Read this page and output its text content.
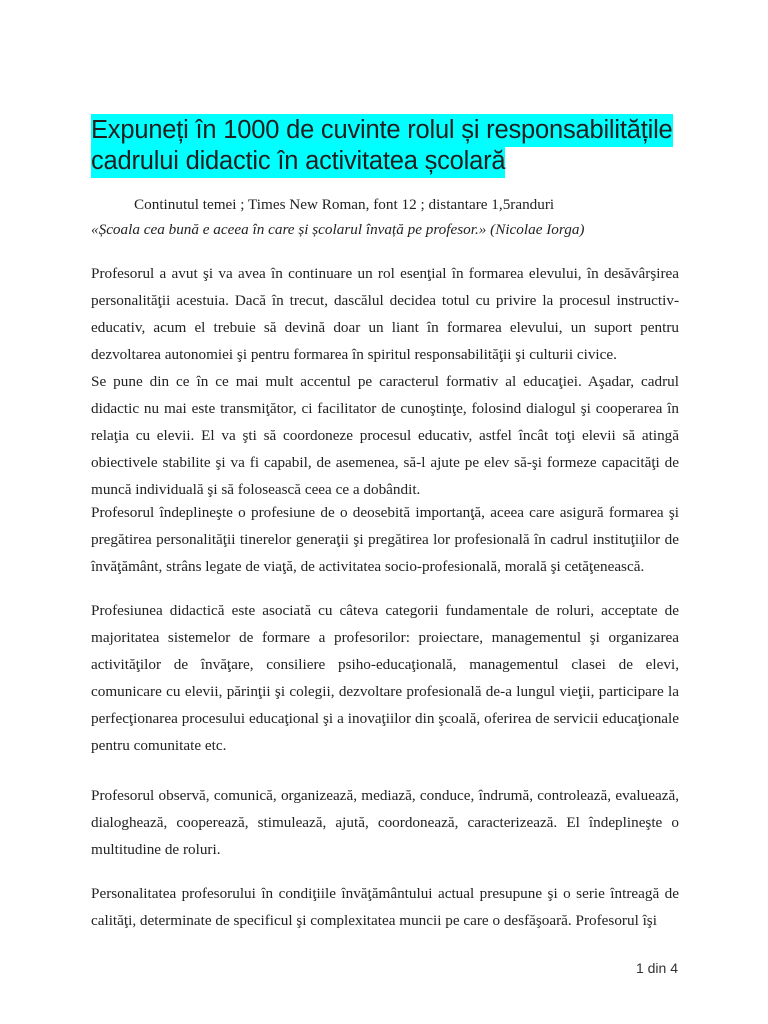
Expuneți în 1000 de cuvinte rolul și responsabilitățile
cadrului didactic în activitatea școlară

Continutul temei ; Times New Roman, font 12 ; distantare 1,5randuri

«Școala cea bună e aceea în care și școlarul învață pe profesor.» (Nicolae Iorga)

Profesorul a avut şi va avea în continuare un rol esenţial în formarea elevului, în desăvârşirea personalităţii acestuia. Dacă în trecut, dascălul decidea totul cu privire la procesul instructiv-educativ, acum el trebuie să devină doar un liant în formarea elevului, un suport pentru dezvoltarea autonomiei şi pentru formarea în spiritul responsabilităţii şi culturii civice.

Se pune din ce în ce mai mult accentul pe caracterul formativ al educaţiei. Aşadar, cadrul didactic nu mai este transmiţător, ci facilitator de cunoştinţe, folosind dialogul şi cooperarea în relaţia cu elevii. El va şti să coordoneze procesul educativ, astfel încât toţi elevii să atingă obiectivele stabilite şi va fi capabil, de asemenea, să-l ajute pe elev să-şi formeze capacităţi de muncă individuală şi să folosească ceea ce a dobândit.

Profesorul îndeplineşte o profesiune de o deosebită importanţă, aceea care asigură formarea şi pregătirea personalităţii tinerelor generaţii şi pregătirea lor profesională în cadrul instituţiilor de învăţământ, strâns legate de viaţă, de activitatea socio-profesională, morală şi cetăţenească.

Profesiunea didactică este asociată cu câteva categorii fundamentale de roluri, acceptate de majoritatea sistemelor de formare a profesorilor: proiectare, managementul şi organizarea activităţilor de învăţare, consiliere psiho-educaţională, managementul clasei de elevi, comunicare cu elevii, părinţii şi colegii, dezvoltare profesională de-a lungul vieţii, participare la perfecţionarea procesului educaţional şi a inovaţiilor din şcoală, oferirea de servicii educaţionale pentru comunitate etc.

Profesorul observă, comunică, organizează, mediază, conduce, îndrumă, controlează, evaluează, dialoghează, cooperează, stimulează, ajută, coordonează, caracterizează. El îndeplineşte o multitudine de roluri.

Personalitatea profesorului în condiţiile învăţământului actual presupune şi o serie întreagă de calităţi, determinate de specificul şi complexitatea muncii pe care o desfăşoară. Profesorul îşi

1 din 4
